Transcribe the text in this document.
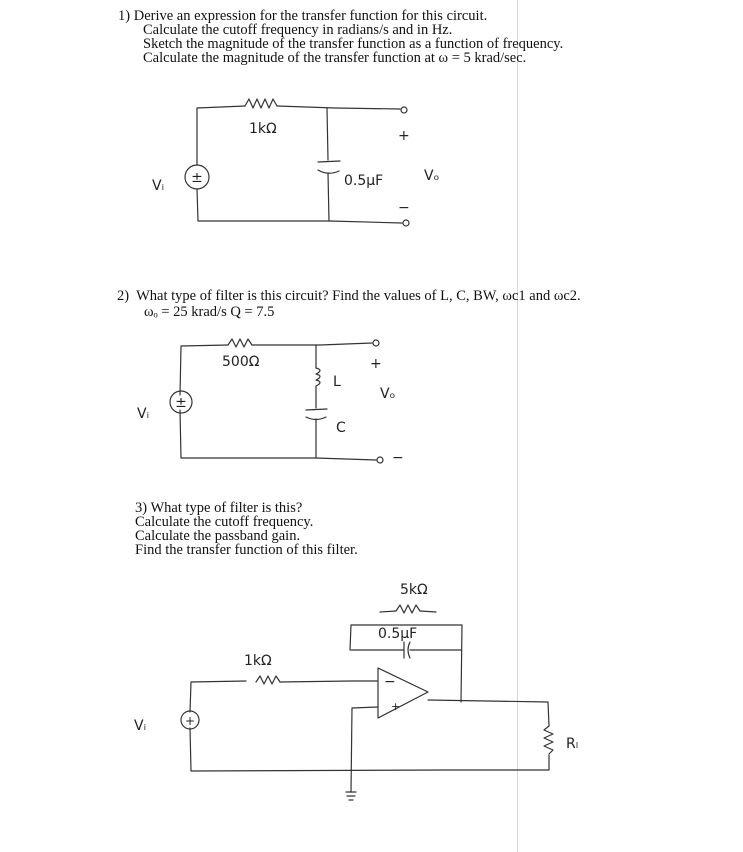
1) Derive an expression for the transfer function for this circuit.
Calculate the cutoff frequency in radians/s and in Hz.
Sketch the magnitude of the transfer function as a function of frequency.
Calculate the magnitude of the transfer function at ω = 5 krad/sec.
2) What type of filter is this circuit? Find the values of L, C, BW, ωc1 and ωc2.
ωₒ = 25 krad/s Q = 7.5
3) What type of filter is this?
Calculate the cutoff frequency.
Calculate the passband gain.
Find the transfer function of this filter.
±
1kΩ
0.5µF
Vᵢ
Vₒ
+
−
±
500Ω
L
C
Vᵢ
Vₒ
+
−
−
+
+
5kΩ
0.5µF
1kΩ
Rₗ
Vᵢ
